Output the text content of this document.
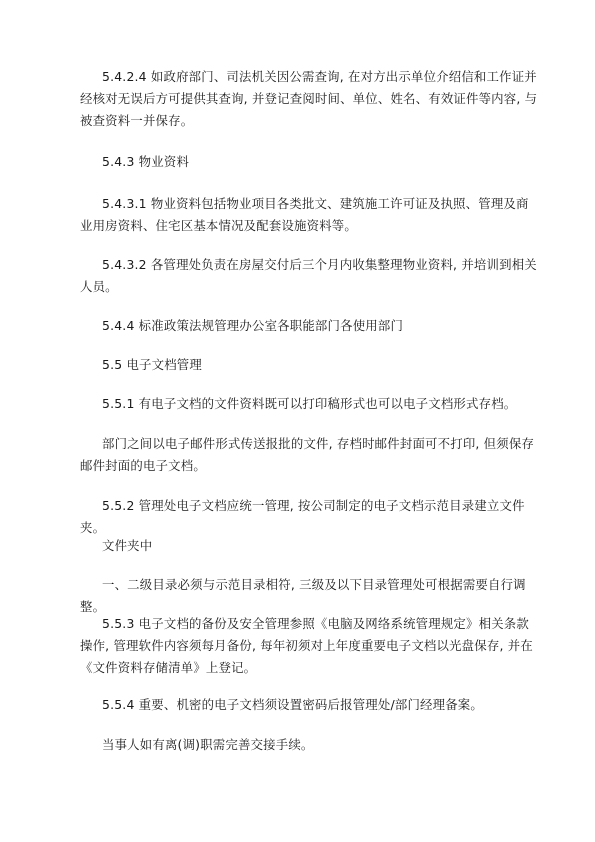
5.4.2.4 如政府部门、司法机关因公需查询, 在对方出示单位介绍信和工作证并经核对无误后方可提供其查询, 并登记查阅时间、单位、姓名、有效证件等内容, 与被查资料一并保存。

5.4.3 物业资料

5.4.3.1 物业资料包括物业项目各类批文、建筑施工许可证及执照、管理及商业用房资料、住宅区基本情况及配套设施资料等。

5.4.3.2 各管理处负责在房屋交付后三个月内收集整理物业资料, 并培训到相关人员。

5.4.4 标准政策法规管理办公室各职能部门各使用部门

5.5 电子文档管理

5.5.1 有电子文档的文件资料既可以打印稿形式也可以电子文档形式存档。

部门之间以电子邮件形式传送报批的文件, 存档时邮件封面可不打印, 但须保存邮件封面的电子文档。

5.5.2 管理处电子文档应统一管理, 按公司制定的电子文档示范目录建立文件夹。

文件夹中

一、二级目录必须与示范目录相符, 三级及以下目录管理处可根据需要自行调整。

5.5.3 电子文档的备份及安全管理参照《电脑及网络系统管理规定》相关条款操作, 管理软件内容须每月备份, 每年初须对上年度重要电子文档以光盘保存, 并在《文件资料存储清单》上登记。

5.5.4 重要、机密的电子文档须设置密码后报管理处/部门经理备案。

当事人如有离(调)职需完善交接手续。
